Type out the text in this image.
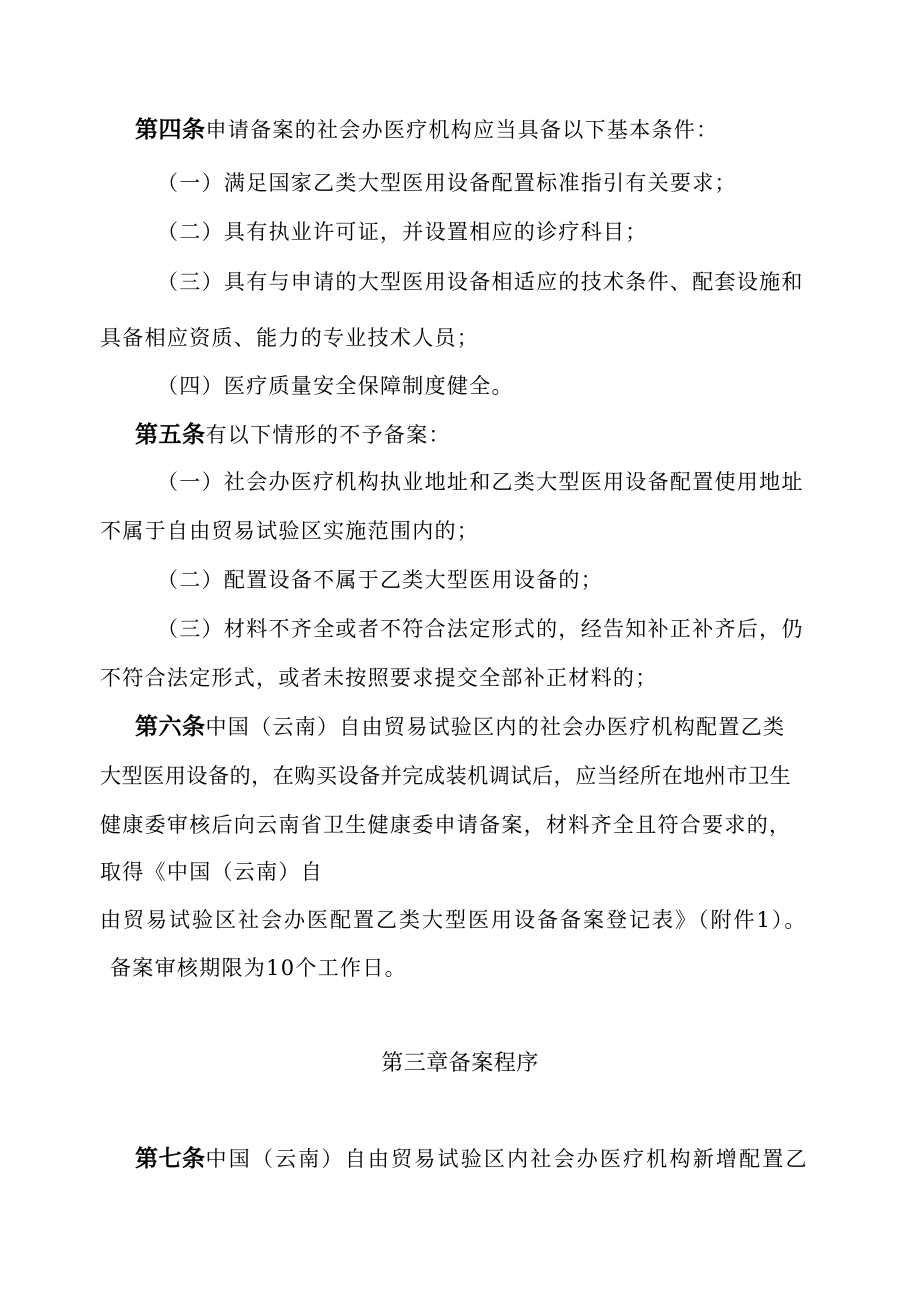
第四条申请备案的社会办医疗机构应当具备以下基本条件：
（一）满足国家乙类大型医用设备配置标准指引有关要求；
（二）具有执业许可证，并设置相应的诊疗科目；
（三）具有与申请的大型医用设备相适应的技术条件、配套设施和
具备相应资质、能力的专业技术人员；
（四）医疗质量安全保障制度健全。
第五条有以下情形的不予备案：
（一）社会办医疗机构执业地址和乙类大型医用设备配置使用地址
不属于自由贸易试验区实施范围内的；
（二）配置设备不属于乙类大型医用设备的；
（三）材料不齐全或者不符合法定形式的，经告知补正补齐后，仍
不符合法定形式，或者未按照要求提交全部补正材料的；
第六条中国（云南）自由贸易试验区内的社会办医疗机构配置乙类
大型医用设备的，在购买设备并完成装机调试后，应当经所在地州市卫生
健康委审核后向云南省卫生健康委申请备案，材料齐全且符合要求的，
取得《中国（云南）自
由贸易试验区社会办医配置乙类大型医用设备备案登记表》（附件1）。
备案审核期限为10个工作日。
第三章备案程序
第七条中国（云南）自由贸易试验区内社会办医疗机构新增配置乙
